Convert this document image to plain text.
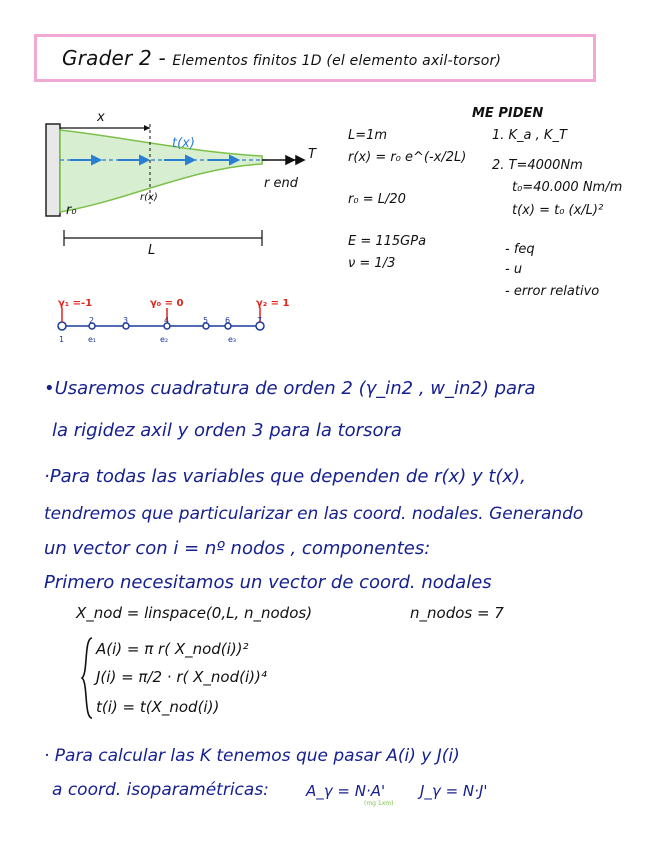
Grader 2 - Elementos finitos 1D (el elemento axil-torsor)
x
t(x)
T
r₀
r end
r(x)
L
L=1m
r(x) = r₀ e^(-x/2L)
r₀ = L/20
E = 115GPa
ν = 1/3
ME PIDEN
1. K_a , K_T
2. T=4000Nm
t₀=40.000 Nm/m
t(x) = t₀ (x/L)²
- feq
- u
- error relativo
γ₁ =-1	γ₀ = 0	γ₂ = 1
1
2	3	4	5 6	7
e₁	e₂	e₃
•Usaremos cuadratura de orden 2 (γ_in2 , w_in2) para
la rigidez axil y orden 3 para la torsora
·Para todas las variables que dependen de r(x) y t(x),
tendremos que particularizar en las coord. nodales. Generando
un vector con i = nº nodos , componentes:
Primero necesitamos un vector de coord. nodales
X_nod = linspace(0,L, n_nodos)	n_nodos = 7
A(i) = π r( X_nod(i))²
J(i) = π/2 · r( X_nod(i))⁴
t(i) = t(X_nod(i))
· Para calcular las K tenemos que pasar A(i) y J(i)
a coord. isoparamétricas: A_γ = N·A'
(mg 1xm)
J_γ = N·J'
